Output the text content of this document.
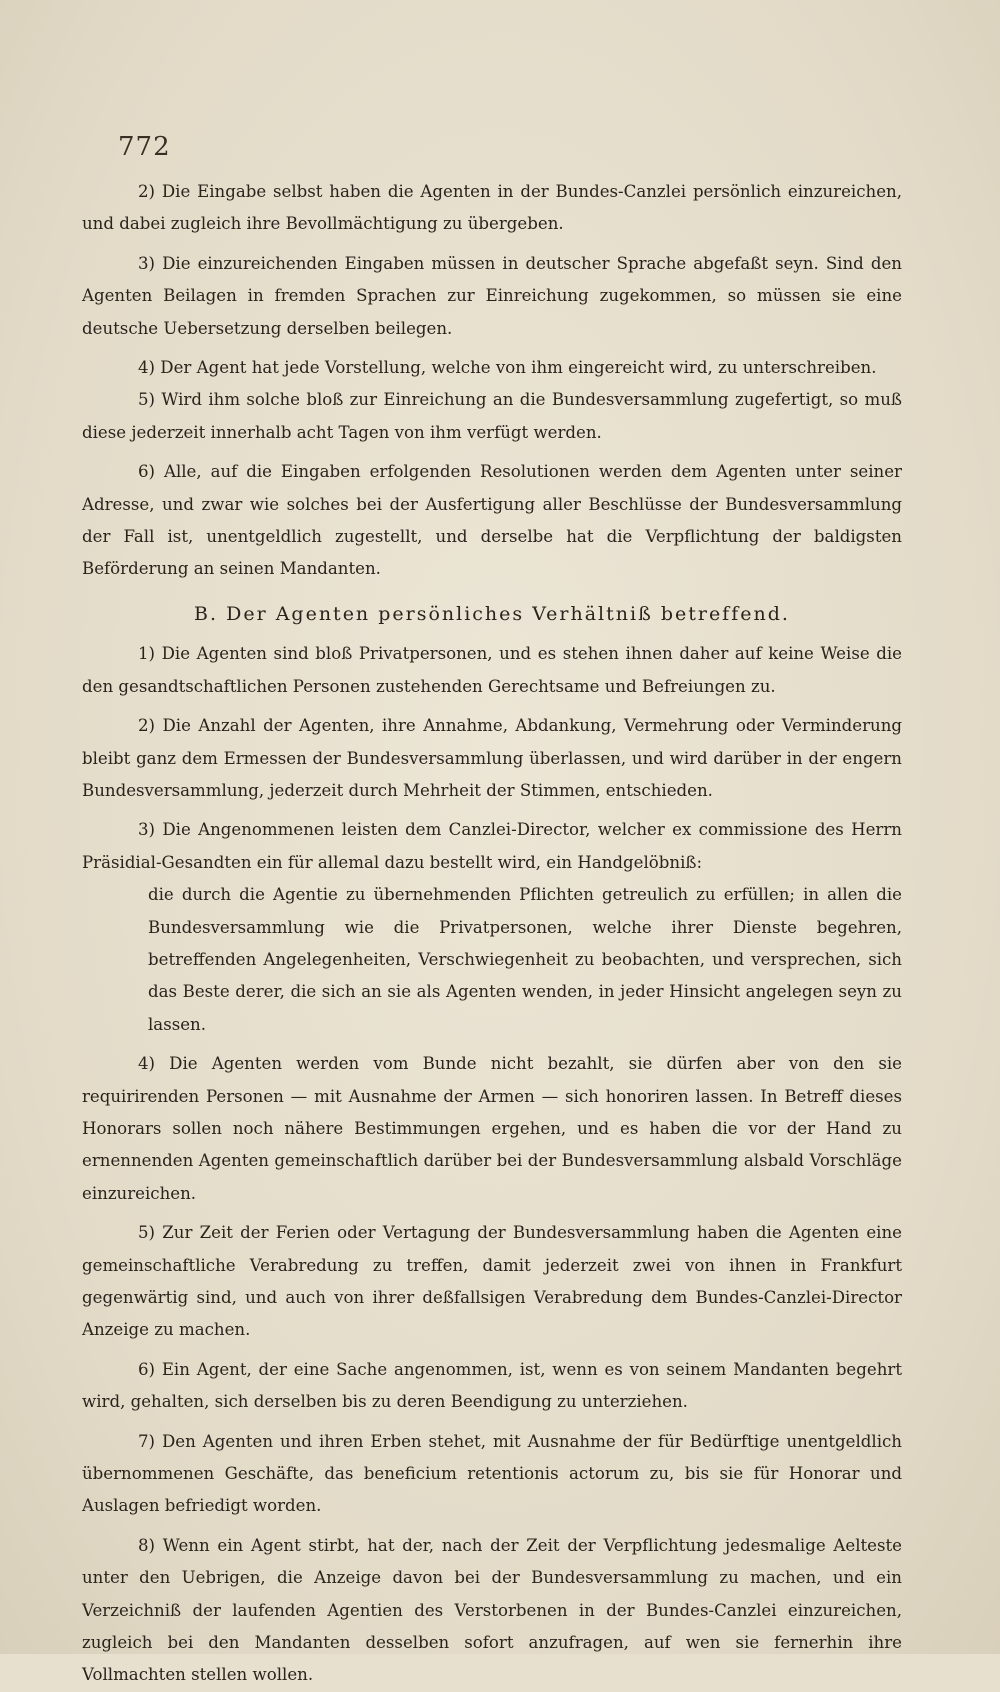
772

2) Die Eingabe selbst haben die Agenten in der Bundes-Canzlei persönlich einzureichen, und dabei zugleich ihre Bevollmächtigung zu übergeben.

3) Die einzureichenden Eingaben müssen in deutscher Sprache abgefaßt seyn. Sind den Agenten Beilagen in fremden Sprachen zur Einreichung zugekommen, so müssen sie eine deutsche Uebersetzung derselben beilegen.

4) Der Agent hat jede Vorstellung, welche von ihm eingereicht wird, zu unterschreiben.

5) Wird ihm solche bloß zur Einreichung an die Bundesversammlung zugefertigt, so muß diese jederzeit innerhalb acht Tagen von ihm verfügt werden.

6) Alle, auf die Eingaben erfolgenden Resolutionen werden dem Agenten unter seiner Adresse, und zwar wie solches bei der Ausfertigung aller Beschlüsse der Bundesversammlung der Fall ist, unentgeldlich zugestellt, und derselbe hat die Verpflichtung der baldigsten Beförderung an seinen Mandanten.

B. Der Agenten persönliches Verhältniß betreffend.

1) Die Agenten sind bloß Privatpersonen, und es stehen ihnen daher auf keine Weise die den gesandtschaftlichen Personen zustehenden Gerechtsame und Befreiungen zu.

2) Die Anzahl der Agenten, ihre Annahme, Abdankung, Vermehrung oder Verminderung bleibt ganz dem Ermessen der Bundesversammlung überlassen, und wird darüber in der engern Bundesversammlung, jederzeit durch Mehrheit der Stimmen, entschieden.

3) Die Angenommenen leisten dem Canzlei-Director, welcher ex commissione des Herrn Präsidial-Gesandten ein für allemal dazu bestellt wird, ein Handgelöbniß:

die durch die Agentie zu übernehmenden Pflichten getreulich zu erfüllen; in allen die Bundesversammlung wie die Privatpersonen, welche ihrer Dienste begehren, betreffenden Angelegenheiten, Verschwiegenheit zu beobachten, und versprechen, sich das Beste derer, die sich an sie als Agenten wenden, in jeder Hinsicht angelegen seyn zu lassen.

4) Die Agenten werden vom Bunde nicht bezahlt, sie dürfen aber von den sie requirirenden Personen — mit Ausnahme der Armen — sich honoriren lassen. In Betreff dieses Honorars sollen noch nähere Bestimmungen ergehen, und es haben die vor der Hand zu ernennenden Agenten gemeinschaftlich darüber bei der Bundesversammlung alsbald Vorschläge einzureichen.

5) Zur Zeit der Ferien oder Vertagung der Bundesversammlung haben die Agenten eine gemeinschaftliche Verabredung zu treffen, damit jederzeit zwei von ihnen in Frankfurt gegenwärtig sind, und auch von ihrer deßfallsigen Verabredung dem Bundes-Canzlei-Director Anzeige zu machen.

6) Ein Agent, der eine Sache angenommen, ist, wenn es von seinem Mandanten begehrt wird, gehalten, sich derselben bis zu deren Beendigung zu unterziehen.

7) Den Agenten und ihren Erben stehet, mit Ausnahme der für Bedürftige unentgeldlich übernommenen Geschäfte, das beneficium retentionis actorum zu, bis sie für Honorar und Auslagen befriedigt worden.

8) Wenn ein Agent stirbt, hat der, nach der Zeit der Verpflichtung jedesmalige Aelteste unter den Uebrigen, die Anzeige davon bei der Bundesversammlung zu machen, und ein Verzeichniß der laufenden Agentien des Verstorbenen in der Bundes-Canzlei einzureichen, zugleich bei den Mandanten desselben sofort anzufragen, auf wen sie fernerhin ihre Vollmachten stellen wollen.
